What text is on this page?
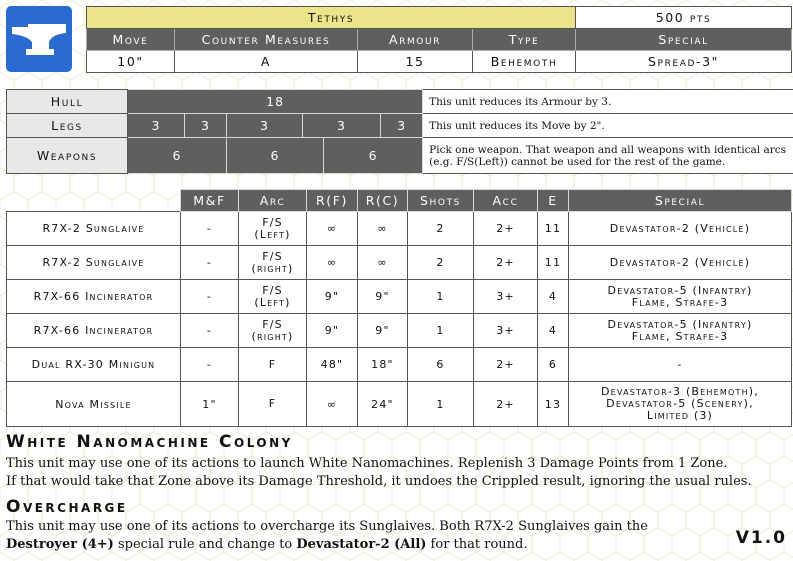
Tethys				500 pts
Move	Counter Measures	Armour	Type	Special
10"	A	15	Behemoth	Spread-3"
Hull	18						This unit reduces its Armour by 3.
Legs	3	3	3	3		3	This unit reduces its Move by 2".
Weapons	6		6		6		Pick one weapon. That weapon and all weapons with identical arcs (e.g. F/S(Left)) cannot be used for the rest of the game.
	M&F	Arc	R(F)	R(C)	Shots	Acc	E	Special
R7X-2 Sunglaive	-	F/S
(Left)	∞	∞	2	2+	11	Devastator-2 (Vehicle)
R7X-2 Sunglaive	-	F/S
(right)	∞	∞	2	2+	11	Devastator-2 (Vehicle)
R7X-66 Incinerator	-	F/S
(Left)	9"	9"	1	3+	4	Devastator-5 (Infantry)
Flame, Strafe-3
R7X-66 Incinerator	-	F/S
(right)	9"	9"	1	3+	4	Devastator-5 (Infantry)
Flame, Strafe-3
Dual RX-30 Minigun	-	F	48"	18"	6	2+	6	-
Nova Missile	1"	F	∞	24"	1	2+	13	Devastator-3 (Behemoth),
Devastator-5 (Scenery),
Limited (3)
White Nanomachine Colony
This unit may use one of its actions to launch White Nanomachines. Replenish 3 Damage Points from 1 Zone.
If that would take that Zone above its Damage Threshold, it undoes the Crippled result, ignoring the usual rules.
Overcharge
This unit may use one of its actions to overcharge its Sunglaives. Both R7X-2 Sunglaives gain the
Destroyer (4+) special rule and change to Devastator-2 (All) for that round.	V1.0
